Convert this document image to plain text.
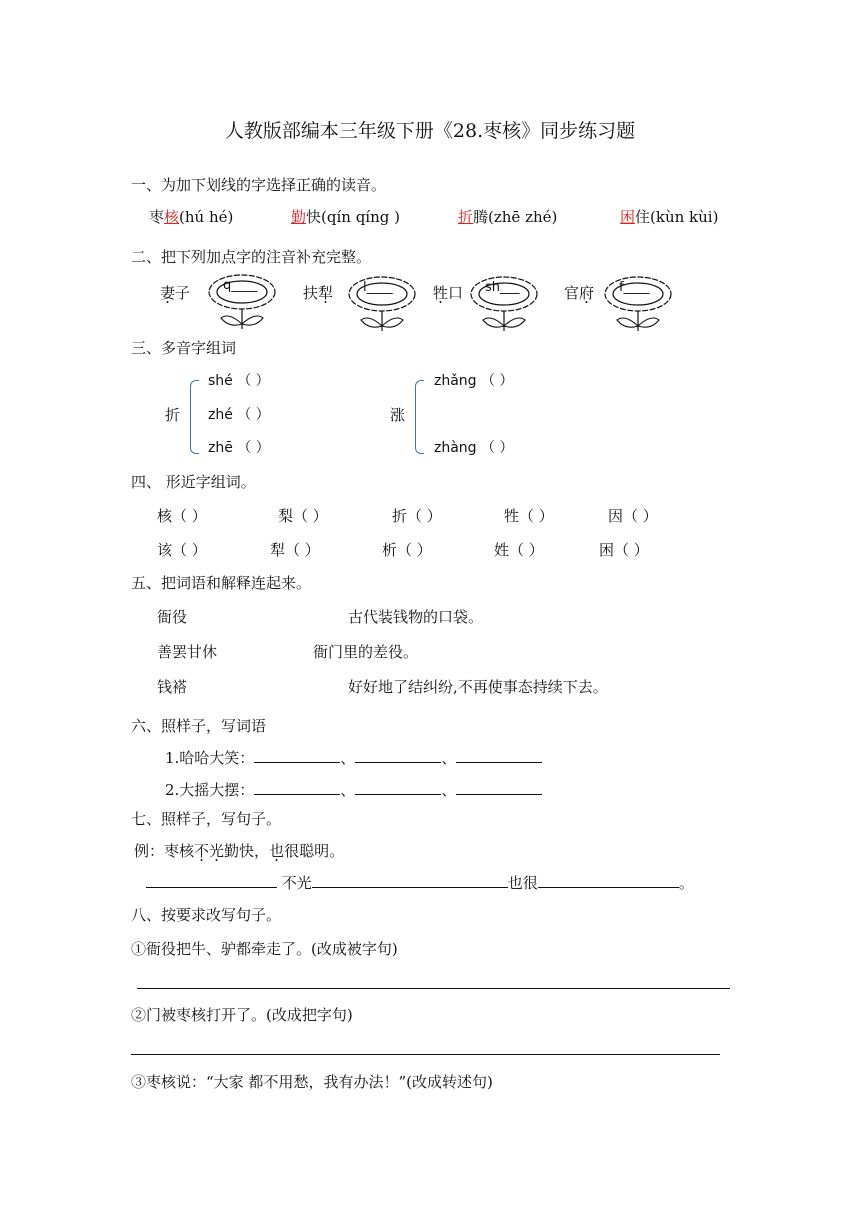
人教版部编本三年级下册《28.枣核》同步练习题
一、为加下划线的字选择正确的读音。
枣核(hú hé)	勤快(qín qíng )	折腾(zhē zhé)	困住(kùn kùi)
二、把下列加点字的注音补充完整。
妻子	扶犁	牲口	官府
q____	l____	sh___	f____
三、多音字组词
折
shé （ ）
zhé （ ）
zhē （ ）
涨
zhǎng （ ）
zhàng （ ）
四、 形近字组词。
核（ ）	梨（ ）	折（ ）	牲（ ）	因（ ）
该（ ）	犁（ ）	析（ ）	姓（ ）	困（ ）
五、把词语和解释连起来。
衙役
善罢甘休
钱褡
古代装钱物的口袋。
衙门里的差役。
好好地了结纠纷,不再使事态持续下去。
六、照样子，写词语
1.哈哈大笑：	、	、
2.大摇大摆：	、	、
七、照样子，写句子。
例：枣核不光勤快，也很聪明。
不光	也很	。
八、按要求改写句子。
①衙役把牛、驴都牵走了。(改成被字句)
②门被枣核打开了。(改成把字句)
③枣核说：“大家 都不用愁，我有办法！”(改成转述句)
